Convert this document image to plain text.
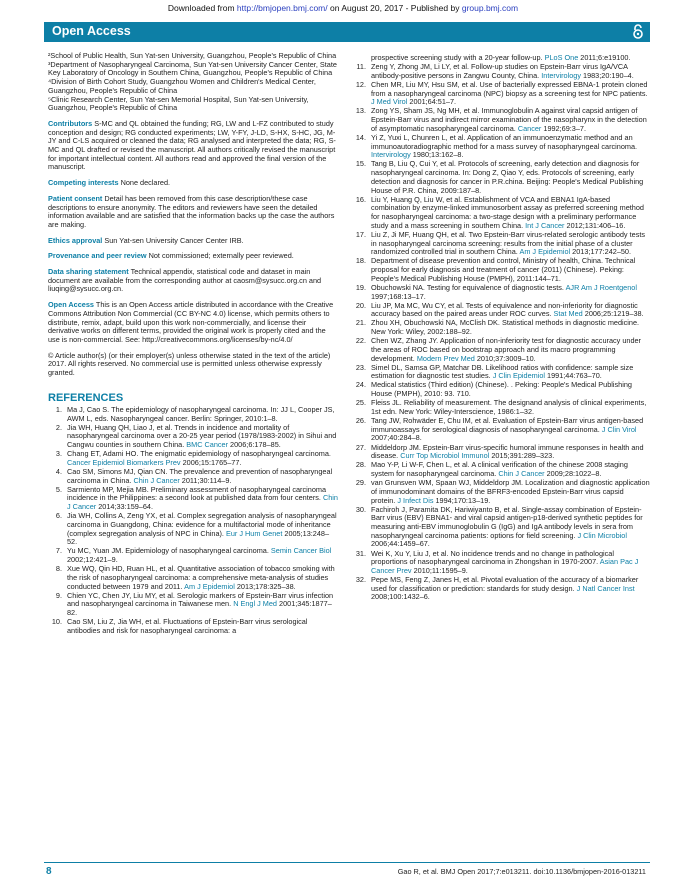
Downloaded from http://bmjopen.bmj.com/ on August 20, 2017 - Published by group.bmj.com
Open Access

²School of Public Health, Sun Yat-sen University, Guangzhou, People's Republic of China

³Department of Nasopharyngeal Carcinoma, Sun Yat-sen University Cancer Center, State Key Laboratory of Oncology in Southern China, Guangzhou, People's Republic of China

⁴Division of Birth Cohort Study, Guangzhou Women and Children's Medical Center, Guangzhou, People's Republic of China

⁵Clinic Research Center, Sun Yat-sen Memorial Hospital, Sun Yat-sen University, Guangzhou, People's Republic of China

Contributors S-MC and QL obtained the funding; RG, LW and L-FZ contributed to study conception and design; RG conducted experiments; LW, Y-FY, J-LD, S-HX, S-HC, JG, M-JY and C-LS acquired or cleaned the data; RG analysed and interpreted the data; RG, S-MC and QL drafted or revised the manuscript. All authors critically revised the manuscript for important intellectual content. All authors read and approved the final version of the manuscript.

Competing interests None declared.

Patient consent Detail has been removed from this case description/these case descriptions to ensure anonymity. The editors and reviewers have seen the detailed information available and are satisfied that the information backs up the case the authors are making.

Ethics approval Sun Yat-sen University Cancer Center IRB.

Provenance and peer review Not commissioned; externally peer reviewed.

Data sharing statement Technical appendix, statistical code and dataset in main document are available from the corresponding author at caosm@sysucc.org.cn and liuqing@sysucc.org.cn.

Open Access This is an Open Access article distributed in accordance with the Creative Commons Attribution Non Commercial (CC BY-NC 4.0) license, which permits others to distribute, remix, adapt, build upon this work non-commercially, and license their derivative works on different terms, provided the original work is properly cited and the use is non-commercial. See: http://creativecommons.org/licenses/by-nc/4.0/

© Article author(s) (or their employer(s) unless otherwise stated in the text of the article) 2017. All rights reserved. No commercial use is permitted unless otherwise expressly granted.

REFERENCES
1. Ma J, Cao S. The epidemiology of nasopharyngeal carcinoma. In: JJ L, Cooper JS, AWM L, eds. Nasopharyngeal cancer. Berlin: Springer, 2010:1–8.
2. Jia WH, Huang QH, Liao J, et al. Trends in incidence and mortality of nasopharyngeal carcinoma over a 20-25 year period (1978/1983-2002) in Sihui and Cangwu counties in southern China. BMC Cancer 2006;6:178–85.
3. Chang ET, Adami HO. The enigmatic epidemiology of nasopharyngeal carcinoma. Cancer Epidemiol Biomarkers Prev 2006;15:1765–77.
4. Cao SM, Simons MJ, Qian CN. The prevalence and prevention of nasopharyngeal carcinoma in China. Chin J Cancer 2011;30:114–9.
5. Sarmiento MP, Mejia MB. Preliminary assessment of nasopharyngeal carcinoma incidence in the Philippines: a second look at published data from four centers. Chin J Cancer 2014;33:159–64.
6. Jia WH, Collins A, Zeng YX, et al. Complex segregation analysis of nasopharyngeal carcinoma in Guangdong, China: evidence for a multifactorial mode of inheritance (complex segregation analysis of NPC in China). Eur J Hum Genet 2005;13:248–52.
7. Yu MC, Yuan JM. Epidemiology of nasopharyngeal carcinoma. Semin Cancer Biol 2002;12:421–9.
8. Xue WQ, Qin HD, Ruan HL, et al. Quantitative association of tobacco smoking with the risk of nasopharyngeal carcinoma: a comprehensive meta-analysis of studies conducted between 1979 and 2011. Am J Epidemiol 2013;178:325–38.
9. Chien YC, Chen JY, Liu MY, et al. Serologic markers of Epstein-Barr virus infection and nasopharyngeal carcinoma in Taiwanese men. N Engl J Med 2001;345:1877–82.
10. Cao SM, Liu Z, Jia WH, et al. Fluctuations of Epstein-Barr virus serological antibodies and risk for nasopharyngeal carcinoma: a
prospective screening study with a 20-year follow-up. PLoS One 2011;6:e19100.
11. Zeng Y, Zhong JM, Li LY, et al. Follow-up studies on Epstein-Barr virus IgA/VCA antibody-positive persons in Zangwu County, China. Intervirology 1983;20:190–4.
12. Chen MR, Liu MY, Hsu SM, et al. Use of bacterially expressed EBNA-1 protein cloned from a nasopharyngeal carcinoma (NPC) biopsy as a screening test for NPC patients. J Med Virol 2001;64:51–7.
13. Zong YS, Sham JS, Ng MH, et al. Immunoglobulin A against viral capsid antigen of Epstein-Barr virus and indirect mirror examination of the nasopharynx in the detection of asymptomatic nasopharyngeal carcinoma. Cancer 1992;69:3–7.
14. Yi Z, Yuxi L, Chunren L, et al. Application of an immunoenzymatic method and an immunoautoradiographic method for a mass survey of nasopharyngeal carcinoma. Intervirology 1980;13:162–8.
15. Tang B, Liu Q, Cui Y, et al. Protocols of screening, early detection and diagnosis for nasopharyngeal carcinoma. In: Dong Z, Qiao Y, eds. Protocols of screening, early detection and diagnosis for cancer in P.R.china. Beijing: People's Medical Publishing House of P.R. China, 2009:187–8.
16. Liu Y, Huang Q, Liu W, et al. Establishment of VCA and EBNA1 IgA-based combination by enzyme-linked immunosorbent assay as preferred screening method for nasopharyngeal carcinoma: a two-stage design with a preliminary performance study and a mass screening in southern China. Int J Cancer 2012;131:406–16.
17. Liu Z, Ji MF, Huang QH, et al. Two Epstein-Barr virus-related serologic antibody tests in nasopharyngeal carcinoma screening: results from the initial phase of a cluster randomized controlled trial in southern China. Am J Epidemiol 2013;177:242–50.
18. Department of disease prevention and control, Ministry of health, China. Technical proposal for early diagnosis and treatment of cancer (2011) (Chinese). Peking: People's Medical Publishing House (PMPH), 2011:144–71.
19. Obuchowski NA. Testing for equivalence of diagnostic tests. AJR Am J Roentgenol 1997;168:13–17.
20. Liu JP, Ma MC, Wu CY, et al. Tests of equivalence and non-inferiority for diagnostic accuracy based on the paired areas under ROC curves. Stat Med 2006;25:1219–38.
21. Zhou XH, Obuchowski NA, McClish DK. Statistical methods in diagnostic medicine. New York: Wiley, 2002:188–92.
22. Chen WZ, Zhang JY. Application of non-inferiority test for diagnostic accuracy under the areas of ROC based on bootstrap approach and its macro programming development. Modern Prev Med 2010;37:3009–10.
23. Simel DL, Samsa GP, Matchar DB. Likelihood ratios with confidence: sample size estimation for diagnostic test studies. J Clin Epidemiol 1991;44:763–70.
24. Medical statistics (Third edition) (Chinese). . Peking: People's Medical Publishing House (PMPH), 2010: 93. 710.
25. Fleiss JL. Reliability of measurement. The designand analysis of clinical experiments, 1st edn. New York: Wiley-Interscience, 1986:1–32.
26. Tang JW, Rohwäder E, Chu IM, et al. Evaluation of Epstein-Barr virus antigen-based immunoassays for serological diagnosis of nasopharyngeal carcinoma. J Clin Virol 2007;40:284–8.
27. Middeldorp JM. Epstein-Barr virus-specific humoral immune responses in health and disease. Curr Top Microbiol Immunol 2015;391:289–323.
28. Mao Y-P, Li W-F, Chen L, et al. A clinical verification of the chinese 2008 staging system for nasopharyngeal carcinoma. Chin J Cancer 2009;28:1022–8.
29. van Grunsven WM, Spaan WJ, Middeldorp JM. Localization and diagnostic application of immunodominant domains of the BFRF3-encoded Epstein-Barr virus capsid protein. J Infect Dis 1994;170:13–19.
30. Fachiroh J, Paramita DK, Hariwiyanto B, et al. Single-assay combination of Epstein-Barr virus (EBV) EBNA1- and viral capsid antigen-p18-derived synthetic peptides for measuring anti-EBV immunoglobulin G (IgG) and IgA antibody levels in sera from nasopharyngeal carcinoma patients: options for field screening. J Clin Microbiol 2006;44:1459–67.
31. Wei K, Xu Y, Liu J, et al. No incidence trends and no change in pathological proportions of nasopharyngeal carcinoma in Zhongshan in 1970-2007. Asian Pac J Cancer Prev 2010;11:1595–9.
32. Pepe MS, Feng Z, Janes H, et al. Pivotal evaluation of the accuracy of a biomarker used for classification or prediction: standards for study design. J Natl Cancer Inst 2008;100:1432–6.
8	Gao R, et al. BMJ Open 2017;7:e013211. doi:10.1136/bmjopen-2016-013211
